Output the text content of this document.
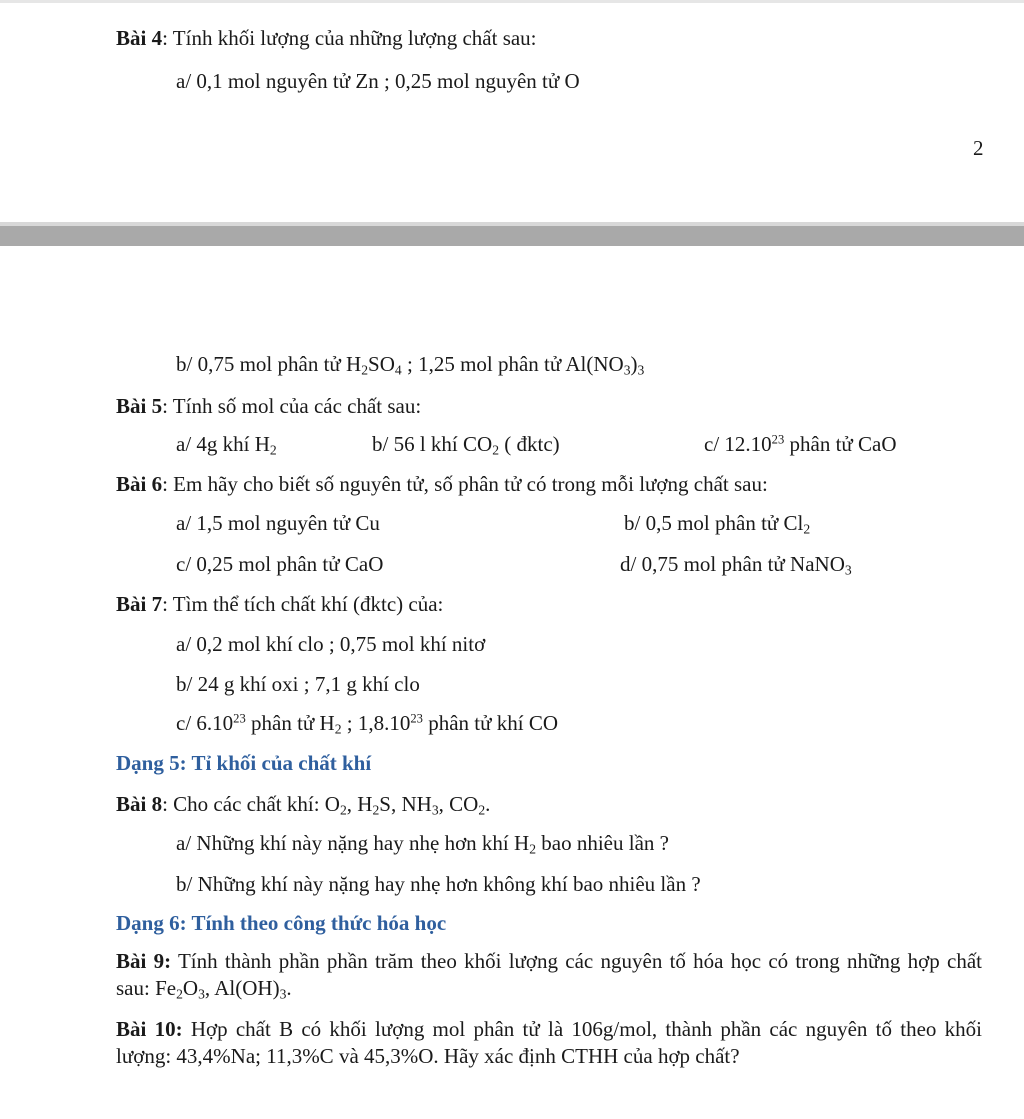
Bài 4: Tính khối lượng của những lượng chất sau:
a/ 0,1 mol nguyên tử Zn ; 0,25 mol nguyên tử O
2
b/ 0,75 mol phân tử $H_2SO_4$ ; 1,25 mol phân tử $Al(NO_3)_3$
Bài 5: Tính số mol của các chất sau:
a/ 4g khí $H_2$	b/ 56 l khí $CO_2$ ( đktc)	c/ 12.10$^{23}$ phân tử CaO
Bài 6: Em hãy cho biết số nguyên tử, số phân tử có trong mỗi lượng chất sau:
a/ 1,5 mol nguyên tử Cu	b/ 0,5 mol phân tử $Cl_2$
c/ 0,25 mol phân tử CaO	d/ 0,75 mol phân tử NaNO$_3$
Bài 7: Tìm thể tích chất khí (đktc) của:
a/ 0,2 mol khí clo ; 0,75 mol khí nitơ
b/ 24 g khí oxi ; 7,1 g khí clo
c/ 6.10$^{23}$ phân tử $H_2$ ; 1,8.10$^{23}$ phân tử khí CO
Dạng 5: Tỉ khối của chất khí
Bài 8: Cho các chất khí: $O_2$, $H_2S$, $NH_3$, $CO_2$.
a/ Những khí này nặng hay nhẹ hơn khí $H_2$ bao nhiêu lần ?
b/ Những khí này nặng hay nhẹ hơn không khí bao nhiêu lần ?
Dạng 6: Tính theo công thức hóa học
Bài 9: Tính thành phần phần trăm theo khối lượng các nguyên tố hóa học có trong những hợp chất sau: $Fe_2O_3$, $Al(OH)_3$.
Bài 10: Hợp chất B có khối lượng mol phân tử là 106g/mol, thành phần các nguyên tố theo khối lượng: 43,4%Na; 11,3%C và 45,3%O. Hãy xác định CTHH của hợp chất?
